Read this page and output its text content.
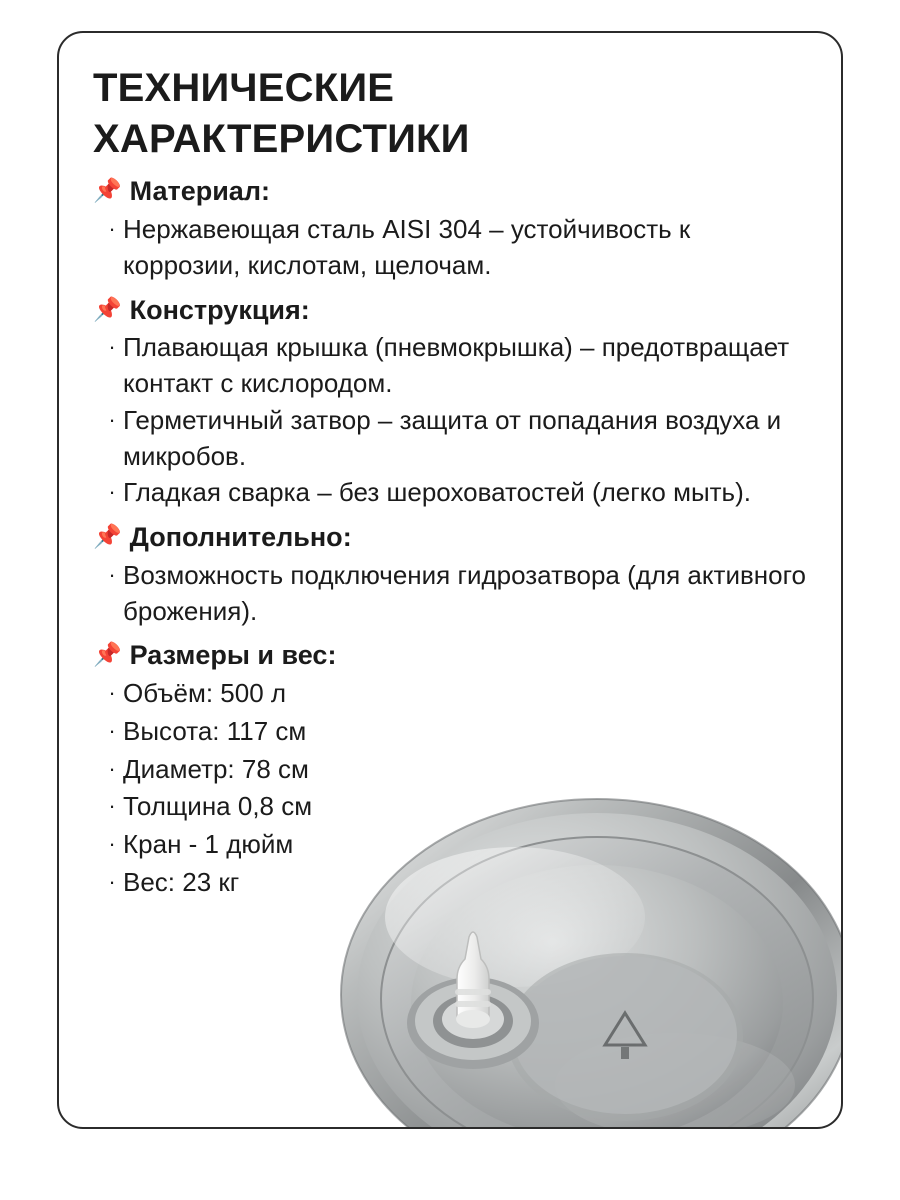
ТЕХНИЧЕСКИЕ ХАРАКТЕРИСТИКИ
📌 Материал:
· Нержавеющая сталь AISI 304 – устойчивость к коррозии, кислотам, щелочам.
📌 Конструкция:
· Плавающая крышка (пневмокрышка) – предотвращает контакт с кислородом.
· Герметичный затвор – защита от попадания воздуха и микробов.
· Гладкая сварка – без шероховатостей (легко мыть).
📌 Дополнительно:
· Возможность подключения гидрозатвора (для активного брожения).
📌 Размеры и вес:
· Объём: 500 л
· Высота: 117 см
· Диаметр: 78 см
· Толщина 0,8 см
· Кран - 1 дюйм
· Вес: 23 кг
